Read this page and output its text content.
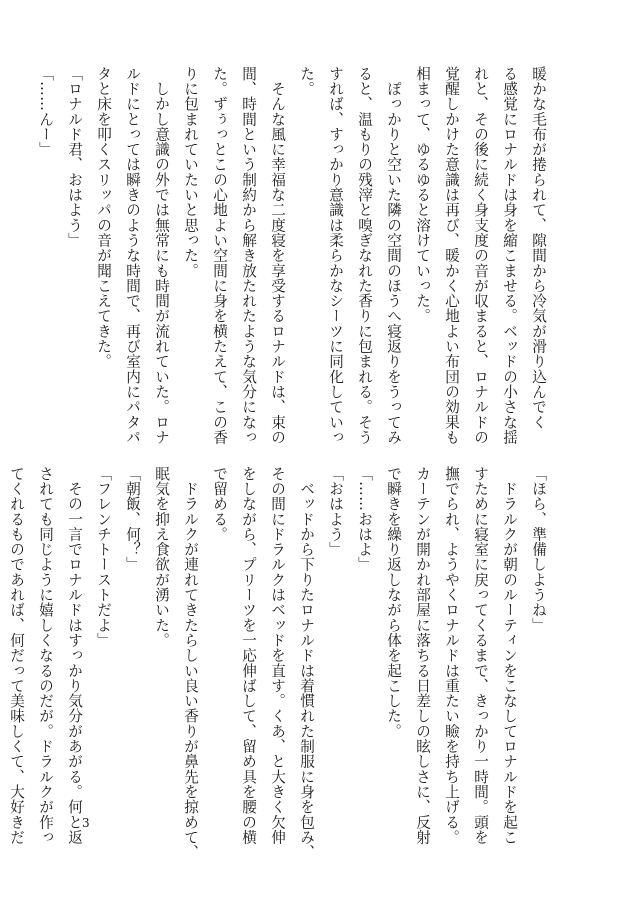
暖かな毛布が捲られて、隙間から冷気が滑り込んでく

る感覚にロナルドは身を縮こませる。ベッドの小さな揺

れと、その後に続く身支度の音が収まると、ロナルドの

覚醒しかけた意識は再び、暖かく心地よい布団の効果も

相まって、ゆるゆると溶けていった。

　ぽっかりと空いた隣の空間のほうへ寝返りをうってみ

ると、温もりの残滓と嗅ぎなれた香りに包まれる。そう

すれば、すっかり意識は柔らかなシーツに同化していっ

た。

　そんな風に幸福な二度寝を享受するロナルドは、束の

間、時間という制約から解き放たれたような気分になっ

た。ずぅっとこの心地よい空間に身を横たえて、この香

りに包まれていたいと思った。

　しかし意識の外では無常にも時間が流れていた。ロナ

ルドにとっては瞬きのような時間で、再び室内にパタパ

タと床を叩くスリッパの音が聞こえてきた。

「ロナルド君、おはよう」

「……んー」

「ほら、準備しようね」

　ドラルクが朝のルーティンをこなしてロナルドを起こ

すために寝室に戻ってくるまで、きっかり一時間。頭を

撫でられ、ようやくロナルドは重たい瞼を持ち上げる。

カーテンが開かれ部屋に落ちる日差しの眩しさに、反射

で瞬きを繰り返しながら体を起こした。

「……おはよ」

「おはよう」

　ベッドから下りたロナルドは着慣れた制服に身を包み、

その間にドラルクはベッドを直す。くあ、と大きく欠伸

をしながら、プリーツを一応伸ばして、留め具を腰の横

で留める。

　ドラルクが連れてきたらしい良い香りが鼻先を掠めて、

眠気を抑え食欲が湧いた。

「朝飯、何？」

「フレンチトーストだよ」

　その一言でロナルドはすっかり気分があがる。何と返

されても同じように嬉しくなるのだが。ドラルクが作っ

てくれるものであれば、何だって美味しくて、大好きだ	3
